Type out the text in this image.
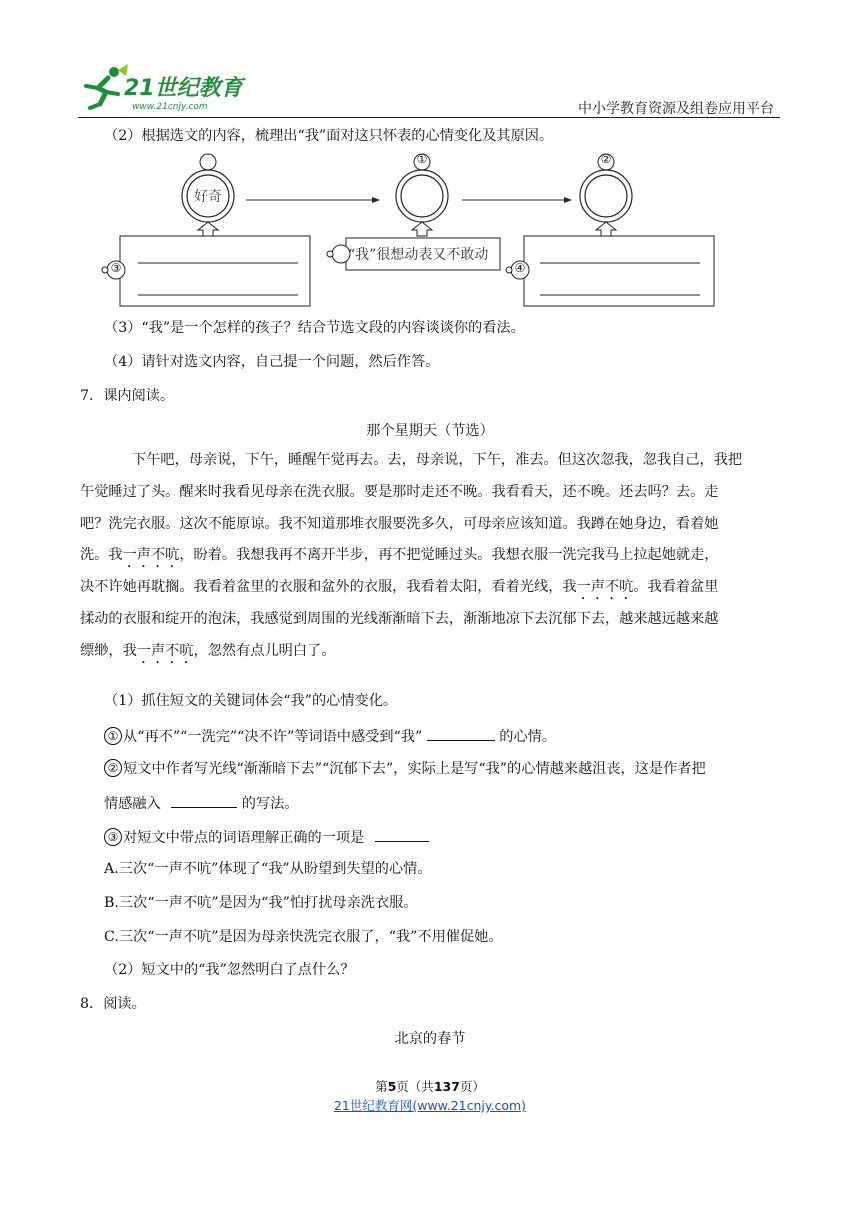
21世纪教育
www.21cnjy.com	中小学教育资源及组卷应用平台
（2）根据选文的内容，梳理出“我”面对这只怀表的心情变化及其原因。
好奇
①	②
③
“我”很想动表又不敢动
④
（3）“我”是一个怎样的孩子？结合节选文段的内容谈谈你的看法。
（4）请针对选文内容，自己提一个问题，然后作答。
7．课内阅读。
那个星期天（节选）
下午吧，母亲说，下午，睡醒午觉再去。去，母亲说，下午，准去。但这次忽我，忽我自己，我把
午觉睡过了头。醒来时我看见母亲在洗衣服。要是那时走还不晚。我看看天，还不晚。还去吗？去。走
吧？洗完衣服。这次不能原谅。我不知道那堆衣服要洗多久，可母亲应该知道。我蹲在她身边，看着她
洗。我一声不吭，盼着。我想我再不离开半步，再不把觉睡过头。我想衣服一洗完我马上拉起她就走，
决不许她再耽搁。我看着盆里的衣服和盆外的衣服，我看着太阳，看着光线，我一声不吭。我看着盆里
揉动的衣服和绽开的泡沫，我感觉到周围的光线渐渐暗下去，渐渐地凉下去沉郁下去，越来越远越来越
缥缈，我一声不吭，忽然有点儿明白了。
（1）抓住短文的关键词体会“我”的心情变化。
① 从“再不”“一洗完”“决不许”等词语中感受到“我”	的心情。
② 短文中作者写光线“渐渐暗下去”“沉郁下去”，实际上是写“我”的心情越来越沮丧，这是作者把
情感融入	的写法。
③ 对短文中带点的词语理解正确的一项是
A.三次“一声不吭”体现了“我”从盼望到失望的心情。
B.三次“一声不吭”是因为“我”怕打扰母亲洗衣服。
C.三次“一声不吭”是因为母亲快洗完衣服了，“我”不用催促她。
（2）短文中的“我”忽然明白了点什么？
8．阅读。
北京的春节
第5页（共137页）
21世纪教育网(www.21cnjy.com)
